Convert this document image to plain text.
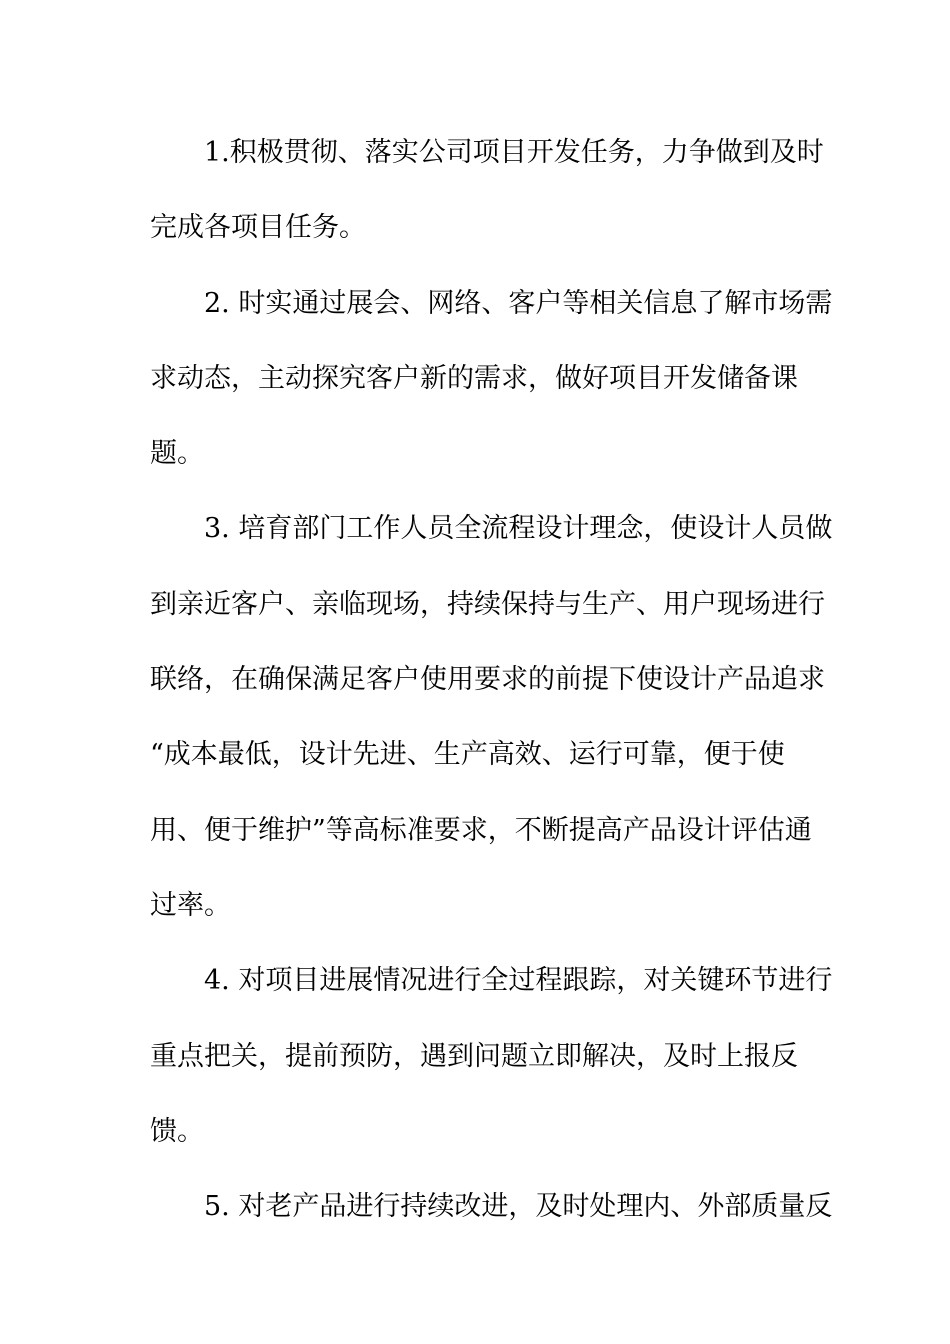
1.积极贯彻、落实公司项目开发任务，力争做到及时
完成各项目任务。
2. 时实通过展会、网络、客户等相关信息了解市场需
求动态，主动探究客户新的需求，做好项目开发储备课
题。
3. 培育部门工作人员全流程设计理念，使设计人员做
到亲近客户、亲临现场，持续保持与生产、用户现场进行
联络，在确保满足客户使用要求的前提下使设计产品追求
“成本最低，设计先进、生产高效、运行可靠，便于使
用、便于维护”等高标准要求，不断提高产品设计评估通
过率。
4. 对项目进展情况进行全过程跟踪，对关键环节进行
重点把关，提前预防，遇到问题立即解决，及时上报反
馈。
5. 对老产品进行持续改进，及时处理内、外部质量反
